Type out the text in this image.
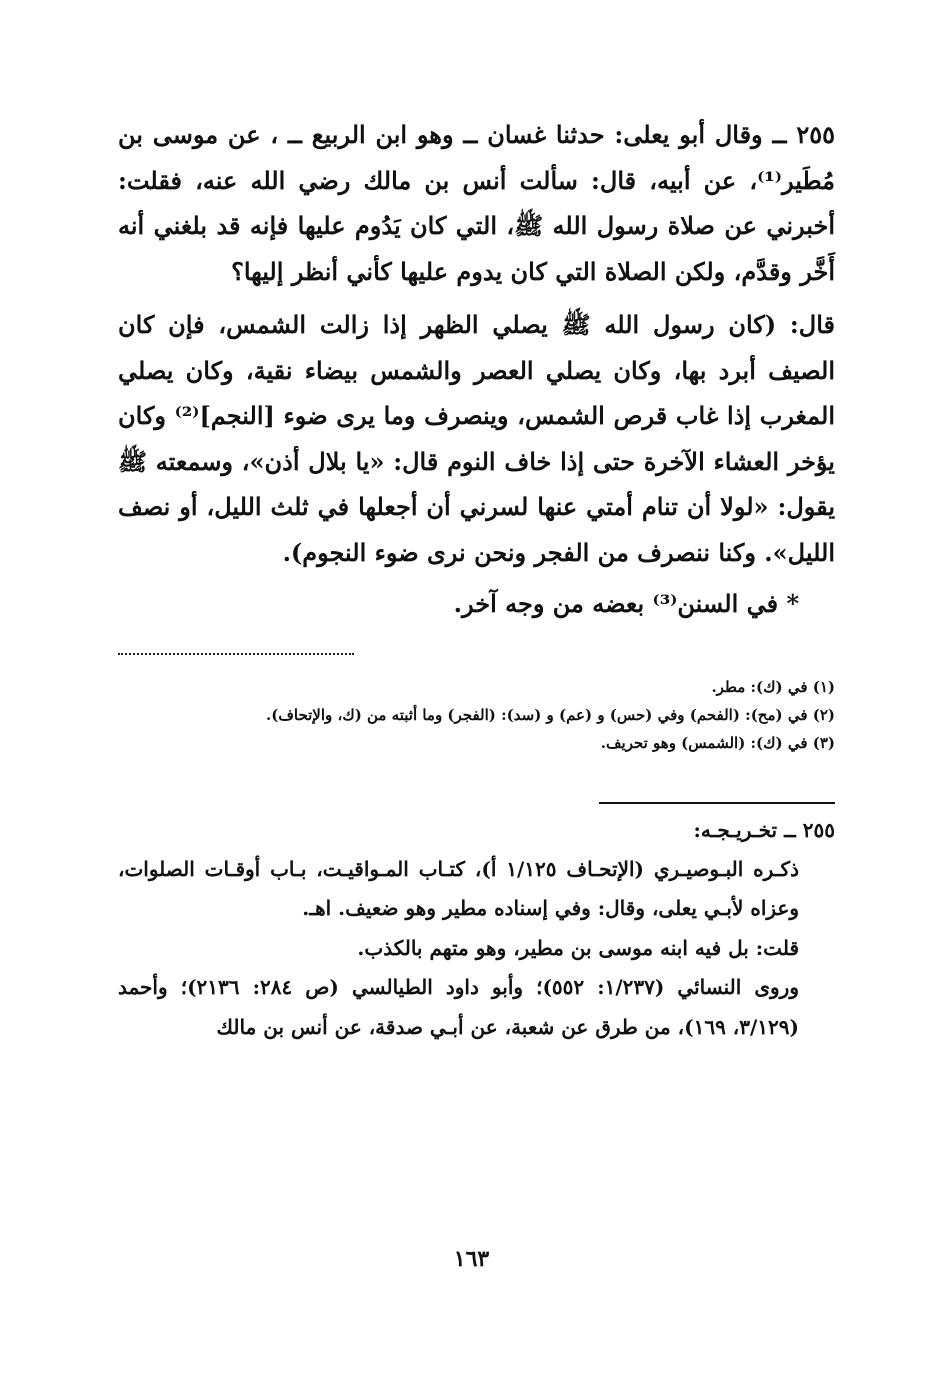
٢٥٥ ــ وقال أبو يعلى: حدثنا غسان ــ وهو ابن الربيع ــ ، عن موسى بن مُطَير⁽¹⁾، عن أبيه، قال: سألت أنس بن مالك رضي الله عنه، فقلت: أخبرني عن صلاة رسول الله ﷺ، التي كان يَدُوم عليها فإنه قد بلغني أنه أَخَّر وقدَّم، ولكن الصلاة التي كان يدوم عليها كأني أنظر إليها؟

قال: (كان رسول الله ﷺ يصلي الظهر إذا زالت الشمس، فإن كان الصيف أبرد بها، وكان يصلي العصر والشمس بيضاء نقية، وكان يصلي المغرب إذا غاب قرص الشمس، وينصرف وما يرى ضوء [النجم]⁽²⁾ وكان يؤخر العشاء الآخرة حتى إذا خاف النوم قال: «يا بلال أذن»، وسمعته ﷺ يقول: «لولا أن تنام أمتي عنها لسرني أن أجعلها في ثلث الليل، أو نصف الليل». وكنا ننصرف من الفجر ونحن نرى ضوء النجوم).

* في السنن⁽³⁾ بعضه من وجه آخر.

(١) في (ك): مطر.
(٢) في (مح): (الفحم) وفي (حس) و (عم) و (سد): (الفجر) وما أثبته من (ك، والإتحاف).
(٣) في (ك): (الشمس) وهو تحريف.
٢٥٥ ــ تخـريـجـه:

ذكـره البـوصيـري (الإتحـاف ١/١٢٥ أ)، كتـاب المـواقيـت، بـاب أوقـات الصلوات، وعزاه لأبـي يعلى، وقال: وفي إسناده مطير وهو ضعيف. اهـ.

قلت: بل فيه ابنه موسى بن مطير، وهو متهم بالكذب.

وروى النسائي (١/٢٣٧: ٥٥٢)؛ وأبو داود الطيالسي (ص ٢٨٤: ٢١٣٦)؛ وأحمد (٣/١٢٩، ١٦٩)، من طرق عن شعبة، عن أبـي صدقة، عن أنس بن مالك

١٦٣
